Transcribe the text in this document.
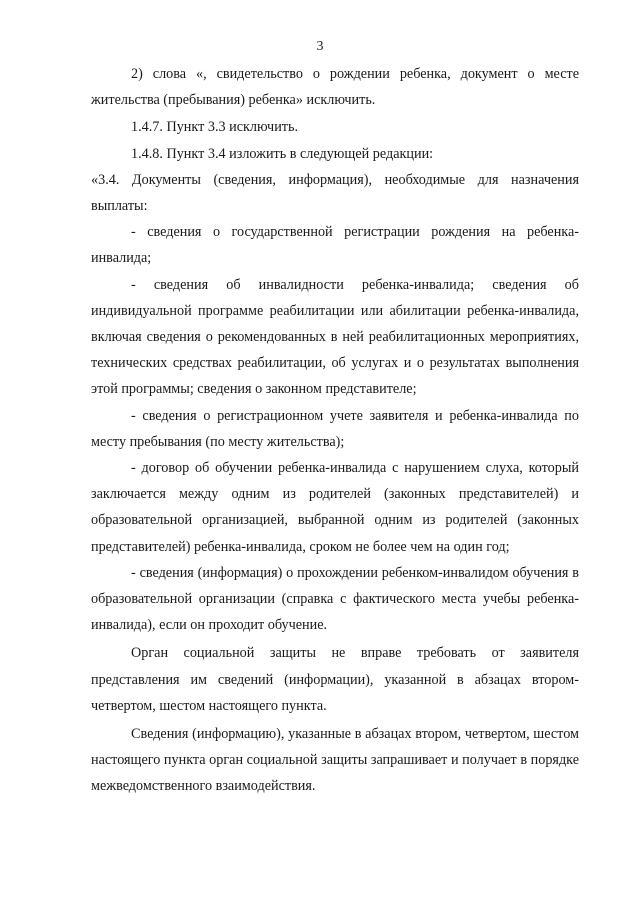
3

2) слова «, свидетельство о рождении ребенка, документ о месте жительства (пребывания) ребенка» исключить.

1.4.7. Пункт 3.3 исключить.

1.4.8. Пункт 3.4 изложить в следующей редакции:

«3.4. Документы (сведения, информация), необходимые для назначения выплаты:

- сведения о государственной регистрации рождения на ребенка-инвалида;

- сведения об инвалидности ребенка-инвалида; сведения об индивидуальной программе реабилитации или абилитации ребенка-инвалида, включая сведения о рекомендованных в ней реабилитационных мероприятиях, технических средствах реабилитации, об услугах и о результатах выполнения этой программы; сведения о законном представителе;

- сведения о регистрационном учете заявителя и ребенка-инвалида по месту пребывания (по месту жительства);

- договор об обучении ребенка-инвалида с нарушением слуха, который заключается между одним из родителей (законных представителей) и образовательной организацией, выбранной одним из родителей (законных представителей) ребенка-инвалида, сроком не более чем на один год;

- сведения (информация) о прохождении ребенком-инвалидом обучения в образовательной организации (справка с фактического места учебы ребенка-инвалида), если он проходит обучение.

Орган социальной защиты не вправе требовать от заявителя представления им сведений (информации), указанной в абзацах втором-четвертом, шестом настоящего пункта.

Сведения (информацию), указанные в абзацах втором, четвертом, шестом настоящего пункта орган социальной защиты запрашивает и получает в порядке межведомственного взаимодействия.
